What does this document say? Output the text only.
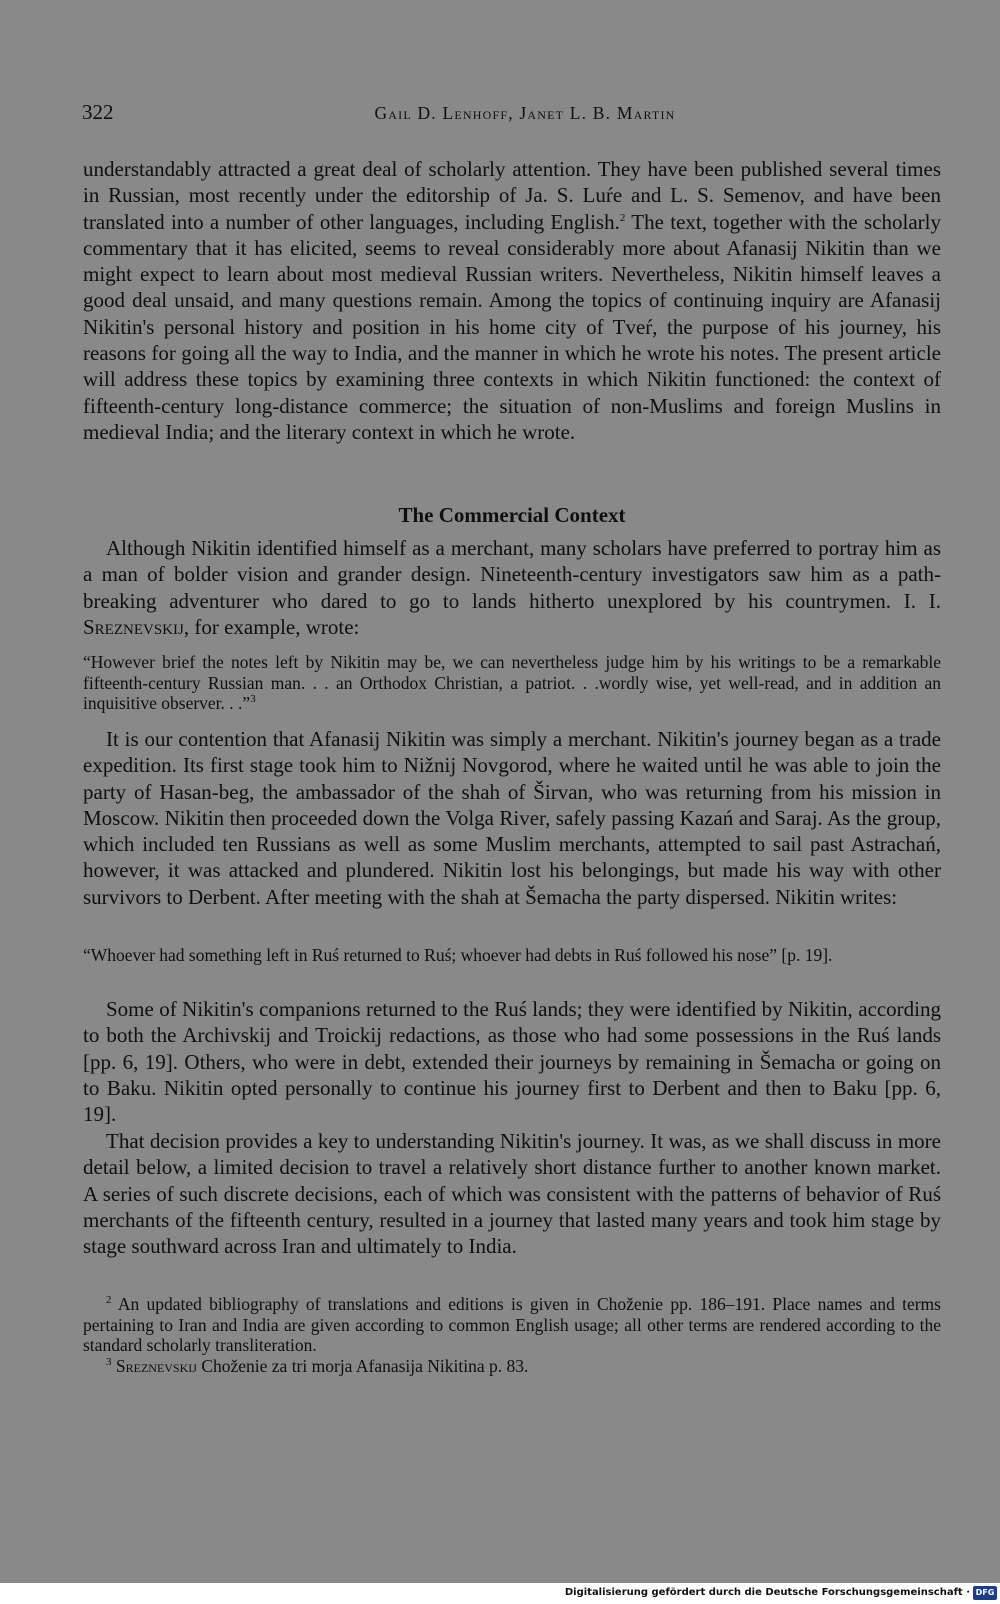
322	Gail D. Lenhoff, Janet L. B. Martin
understandably attracted a great deal of scholarly attention. They have been published several times in Russian, most recently under the editorship of Ja. S. Luŕe and L. S. Semenov, and have been translated into a number of other languages, including English.$^2$ The text, together with the scholarly commentary that it has elicited, seems to reveal considerably more about Afanasij Nikitin than we might expect to learn about most medieval Russian writers. Nevertheless, Nikitin himself leaves a good deal unsaid, and many questions remain. Among the topics of continuing inquiry are Afanasij Nikitin's personal history and position in his home city of Tveŕ, the purpose of his journey, his reasons for going all the way to India, and the manner in which he wrote his notes. The present article will address these topics by examining three contexts in which Nikitin functioned: the context of fifteenth-century long-distance commerce; the situation of non-Muslims and foreign Muslins in medieval India; and the literary context in which he wrote.
The Commercial Context
Although Nikitin identified himself as a merchant, many scholars have preferred to portray him as a man of bolder vision and grander design. Nineteenth-century investigators saw him as a path-breaking adventurer who dared to go to lands hitherto unexplored by his countrymen. I. I. Sreznevskij, for example, wrote:
“However brief the notes left by Nikitin may be, we can nevertheless judge him by his writings to be a remarkable fifteenth-century Russian man. . . an Orthodox Christian, a patriot. . .wordly wise, yet well-read, and in addition an inquisitive observer. . .”$^3$
It is our contention that Afanasij Nikitin was simply a merchant. Nikitin's journey began as a trade expedition. Its first stage took him to Nižnij Novgorod, where he waited until he was able to join the party of Hasan-beg, the ambassador of the shah of Širvan, who was returning from his mission in Moscow. Nikitin then proceeded down the Volga River, safely passing Kazań and Saraj. As the group, which included ten Russians as well as some Muslim merchants, attempted to sail past Astrachań, however, it was attacked and plundered. Nikitin lost his belongings, but made his way with other survivors to Derbent. After meeting with the shah at Šemacha the party dispersed. Nikitin writes:
“Whoever had something left in Ruś returned to Ruś; whoever had debts in Ruś followed his nose” [p. 19].
Some of Nikitin's companions returned to the Ruś lands; they were identified by Nikitin, according to both the Archivskij and Troickij redactions, as those who had some possessions in the Ruś lands [pp. 6, 19]. Others, who were in debt, extended their journeys by remaining in Šemacha or going on to Baku. Nikitin opted personally to continue his journey first to Derbent and then to Baku [pp. 6, 19].
That decision provides a key to understanding Nikitin's journey. It was, as we shall discuss in more detail below, a limited decision to travel a relatively short distance further to another known market. A series of such discrete decisions, each of which was consistent with the patterns of behavior of Ruś merchants of the fifteenth century, resulted in a journey that lasted many years and took him stage by stage southward across Iran and ultimately to India.
$^2$ An updated bibliography of translations and editions is given in Choženie pp. 186–191. Place names and terms pertaining to Iran and India are given according to common English usage; all other terms are rendered according to the standard scholarly transliteration.
$^3$ Sreznevskij Choženie za tri morja Afanasija Nikitina p. 83.
Digitalisierung gefördert durch die Deutsche Forschungsgemeinschaft · DFG
